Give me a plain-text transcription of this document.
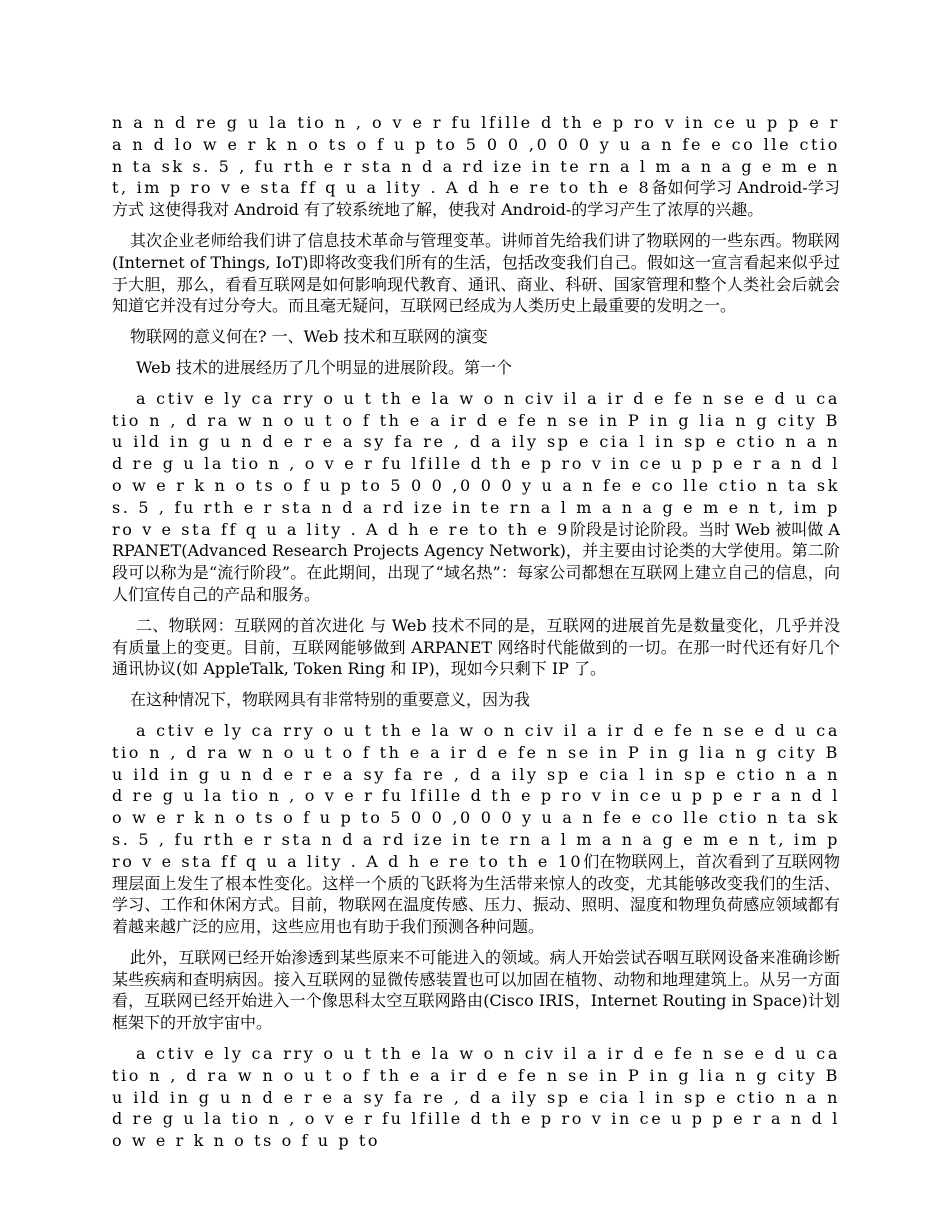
n a n d re g u la tio n , o v e r fu lfille d th e p ro v in ce u p p e r a n d lo w e r k n o ts o f u p to 5 0 0 ,0 0 0 y u a n fe e co lle ctio n ta sk s. 5 , fu rth e r sta n d a rd ize in te rn a l m a n a g e m e n t, im p ro v e sta ff q u a lity . A d h e re to th e 8备如何学习 Android-学习方式 这使得我对 Android 有了较系统地了解，使我对 Android-的学习产生了浓厚的兴趣。

其次企业老师给我们讲了信息技术革命与管理变革。讲师首先给我们讲了物联网的一些东西。物联网(Internet of Things, IoT)即将改变我们所有的生活，包括改变我们自己。假如这一宣言看起来似乎过于大胆，那么，看看互联网是如何影响现代教育、通讯、商业、科研、国家管理和整个人类社会后就会知道它并没有过分夸大。而且毫无疑问，互联网已经成为人类历史上最重要的发明之一。

物联网的意义何在? 一、Web 技术和互联网的演变

Web 技术的进展经历了几个明显的进展阶段。第一个

a ctiv e ly ca rry o u t th e la w o n civ il a ir d e fe n se e d u ca tio n , d ra w n o u t o f th e a ir d e fe n se in P in g lia n g city B u ild in g u n d e r e a sy fa re , d a ily sp e cia l in sp e ctio n a n d re g u la tio n , o v e r fu lfille d th e p ro v in ce u p p e r a n d lo w e r k n o ts o f u p to 5 0 0 ,0 0 0 y u a n fe e co lle ctio n ta sk s. 5 , fu rth e r sta n d a rd ize in te rn a l m a n a g e m e n t, im p ro v e sta ff q u a lity . A d h e re to th e 9阶段是讨论阶段。当时 Web 被叫做 ARPANET(Advanced Research Projects Agency Network)，并主要由讨论类的大学使用。第二阶段可以称为是“流行阶段”。在此期间，出现了“域名热”：每家公司都想在互联网上建立自己的信息，向人们宣传自己的产品和服务。

二、物联网：互联网的首次进化 与 Web 技术不同的是，互联网的进展首先是数量变化，几乎并没有质量上的变更。目前，互联网能够做到 ARPANET 网络时代能做到的一切。在那一时代还有好几个通讯协议(如 AppleTalk, Token Ring 和 IP)，现如今只剩下 IP 了。

在这种情况下，物联网具有非常特别的重要意义，因为我

a ctiv e ly ca rry o u t th e la w o n civ il a ir d e fe n se e d u ca tio n , d ra w n o u t o f th e a ir d e fe n se in P in g lia n g city B u ild in g u n d e r e a sy fa re , d a ily sp e cia l in sp e ctio n a n d re g u la tio n , o v e r fu lfille d th e p ro v in ce u p p e r a n d lo w e r k n o ts o f u p to 5 0 0 ,0 0 0 y u a n fe e co lle ctio n ta sk s. 5 , fu rth e r sta n d a rd ize in te rn a l m a n a g e m e n t, im p ro v e sta ff q u a lity . A d h e re to th e 10们在物联网上，首次看到了互联网物理层面上发生了根本性变化。这样一个质的飞跃将为生活带来惊人的改变，尤其能够改变我们的生活、学习、工作和休闲方式。目前，物联网在温度传感、压力、振动、照明、湿度和物理负荷感应领域都有着越来越广泛的应用，这些应用也有助于我们预测各种问题。

此外，互联网已经开始渗透到某些原来不可能进入的领域。病人开始尝试吞咽互联网设备来准确诊断某些疾病和查明病因。接入互联网的显微传感装置也可以加固在植物、动物和地理建筑上。从另一方面看，互联网已经开始进入一个像思科太空互联网路由(Cisco IRIS，Internet Routing in Space)计划框架下的开放宇宙中。

a ctiv e ly ca rry o u t th e la w o n civ il a ir d e fe n se e d u ca tio n , d ra w n o u t o f th e a ir d e fe n se in P in g lia n g city B u ild in g u n d e r e a sy fa re , d a ily sp e cia l in sp e ctio n a n d re g u la tio n , o v e r fu lfille d th e p ro v in ce u p p e r a n d lo w e r k n o ts o f u p to
